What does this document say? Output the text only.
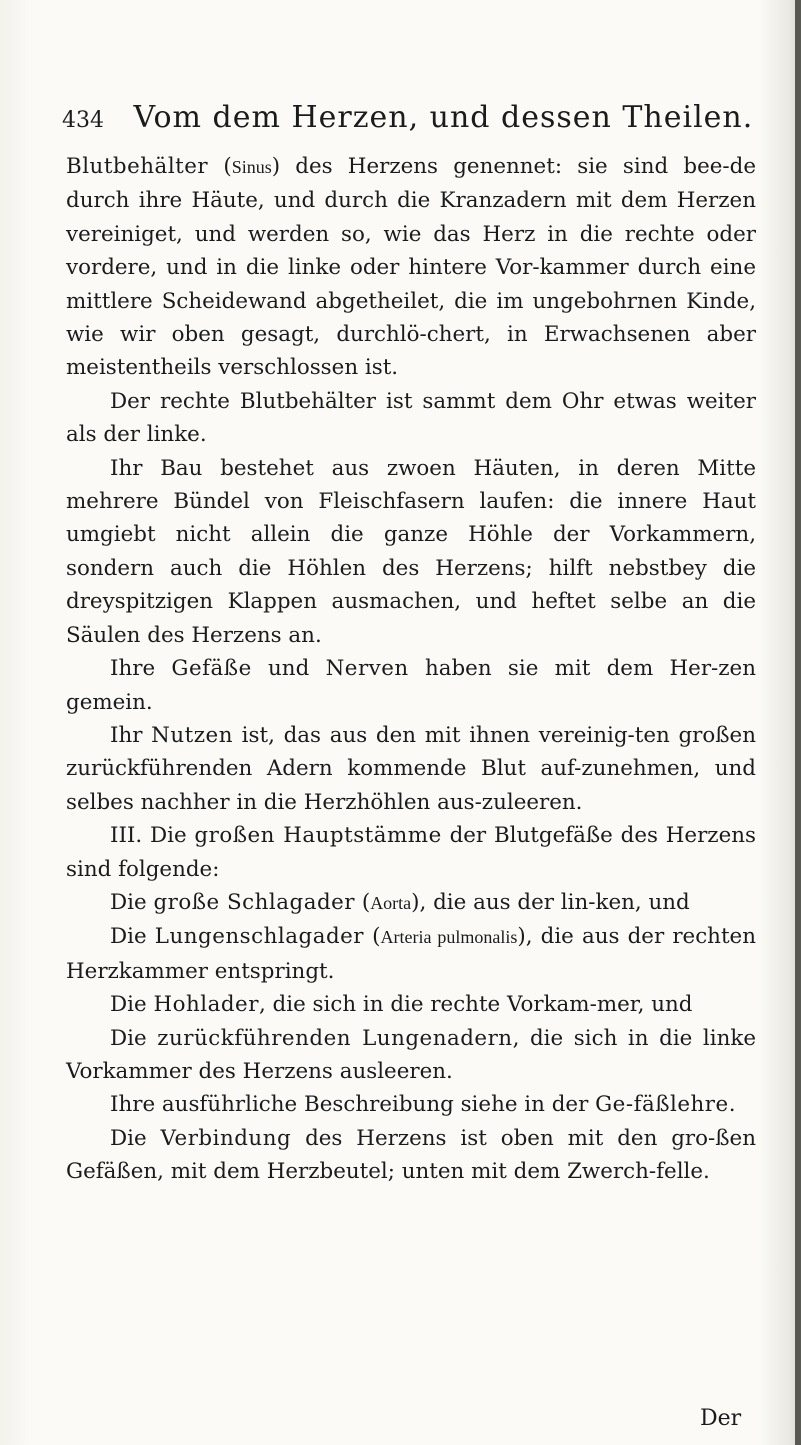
434 Vom dem Herzen, und dessen Theilen.

Blutbehälter (Sinus) des Herzens genennet: sie sind bee-de durch ihre Häute, und durch die Kranzadern mit dem Herzen vereiniget, und werden so, wie das Herz in die rechte oder vordere, und in die linke oder hintere Vor-kammer durch eine mittlere Scheidewand abgetheilet, die im ungebohrnen Kinde, wie wir oben gesagt, durchlö-chert, in Erwachsenen aber meistentheils verschlossen ist.

Der rechte Blutbehälter ist sammt dem Ohr etwas weiter als der linke.

Ihr Bau bestehet aus zwoen Häuten, in deren Mitte mehrere Bündel von Fleischfasern laufen: die innere Haut umgiebt nicht allein die ganze Höhle der Vorkammern, sondern auch die Höhlen des Herzens; hilft nebstbey die dreyspitzigen Klappen ausmachen, und heftet selbe an die Säulen des Herzens an.

Ihre Gefäße und Nerven haben sie mit dem Her-zen gemein.

Ihr Nutzen ist, das aus den mit ihnen vereinig-ten großen zurückführenden Adern kommende Blut auf-zunehmen, und selbes nachher in die Herzhöhlen aus-zuleeren.

III. Die großen Hauptstämme der Blutgefäße des Herzens sind folgende:

Die große Schlagader (Aorta), die aus der lin-ken, und

Die Lungenschlagader (Arteria pulmonalis), die aus der rechten Herzkammer entspringt.

Die Hohlader, die sich in die rechte Vorkam-mer, und

Die zurückführenden Lungenadern, die sich in die linke Vorkammer des Herzens ausleeren.

Ihre ausführliche Beschreibung siehe in der Ge-fäßlehre.

Die Verbindung des Herzens ist oben mit den gro-ßen Gefäßen, mit dem Herzbeutel; unten mit dem Zwerch-felle.

Der
